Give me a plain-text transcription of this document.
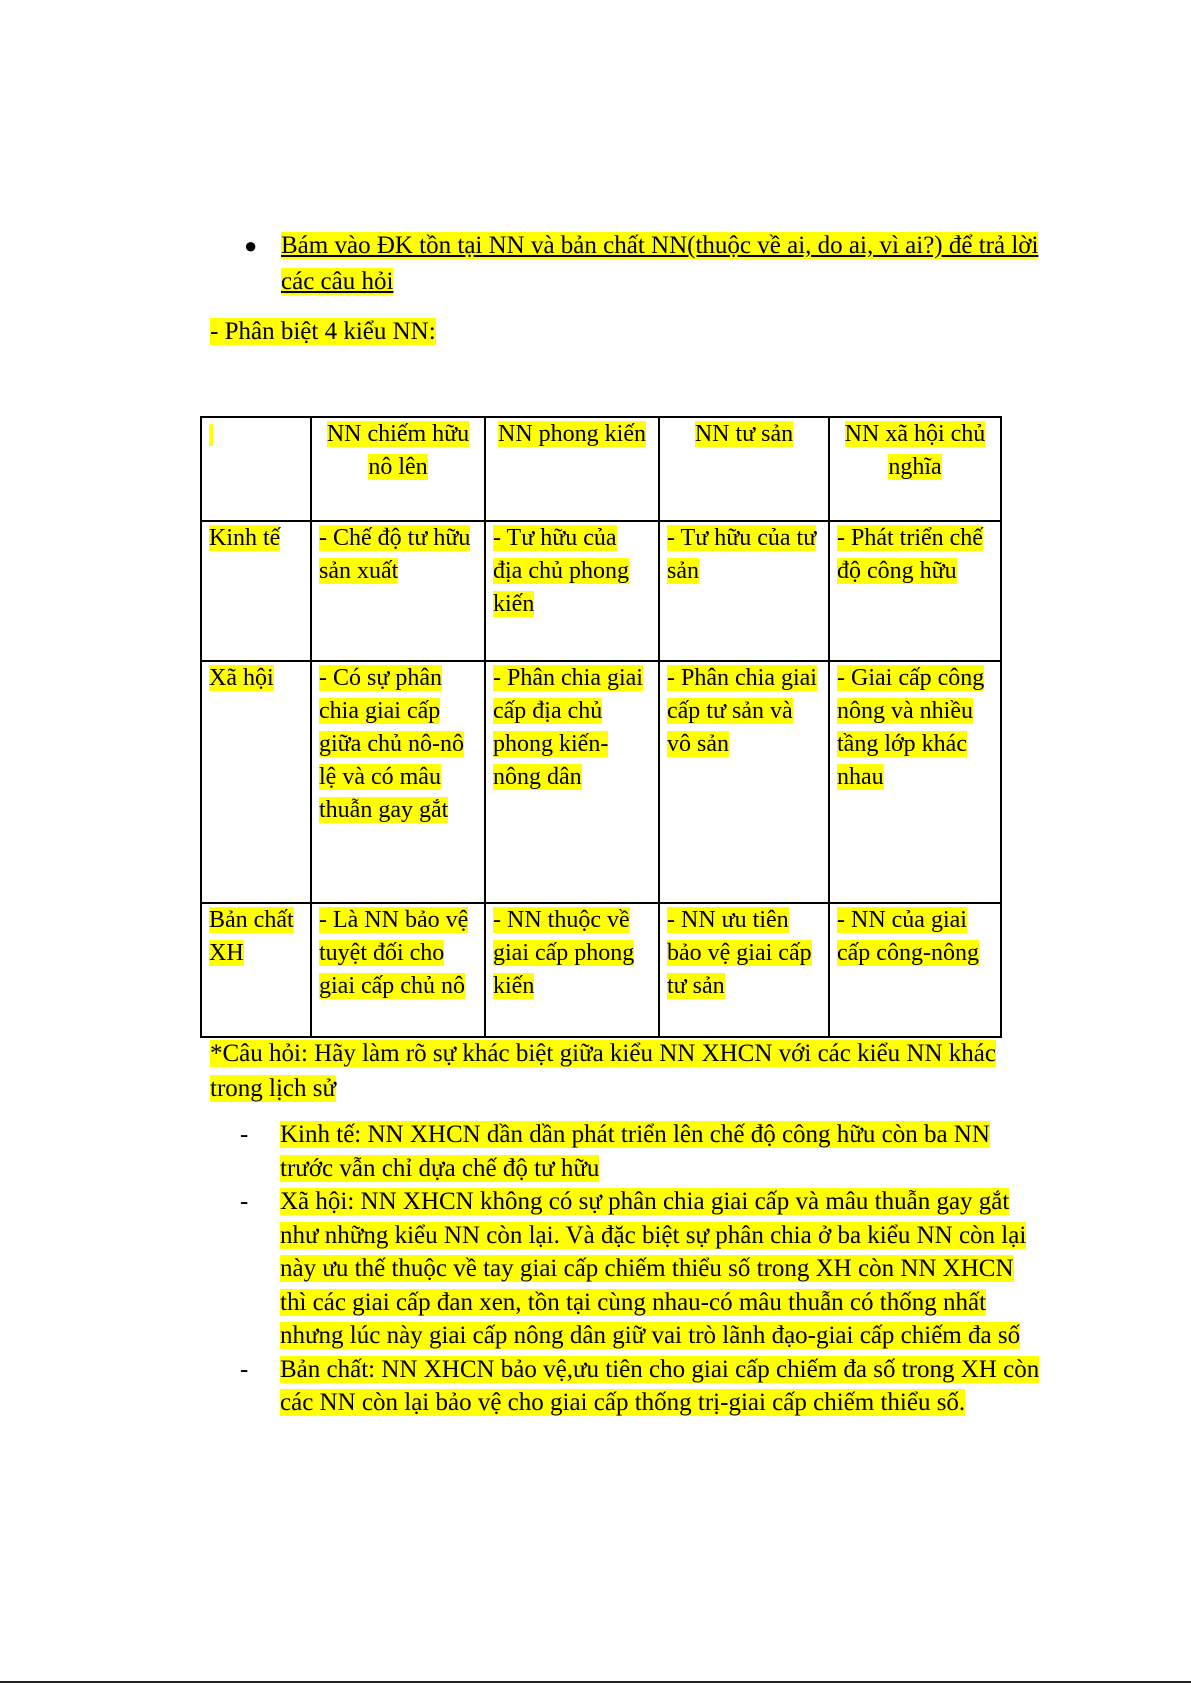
● Bám vào ĐK tồn tại NN và bản chất NN(thuộc về ai, do ai, vì ai?) để trả lời các câu hỏi
- Phân biệt 4 kiểu NN:
	NN chiếm hữu nô lên	NN phong kiến	NN tư sản	NN xã hội chủ nghĩa
Kinh tế	- Chế độ tư hữu sản xuất	- Tư hữu của địa chủ phong kiến	- Tư hữu của tư sản	- Phát triển chế độ công hữu
Xã hội	- Có sự phân chia giai cấp giữa chủ nô-nô lệ và có mâu thuẫn gay gắt	- Phân chia giai cấp địa chủ phong kiến-nông dân	- Phân chia giai cấp tư sản và vô sản	- Giai cấp công nông và nhiều tầng lớp khác nhau
Bản chất XH	- Là NN bảo vệ tuyệt đối cho giai cấp chủ nô	- NN thuộc về giai cấp phong kiến	- NN ưu tiên bảo vệ giai cấp tư sản	- NN của giai cấp công-nông
*Câu hỏi: Hãy làm rõ sự khác biệt giữa kiểu NN XHCN với các kiểu NN khác trong lịch sử
- Kinh tế: NN XHCN dần dần phát triển lên chế độ công hữu còn ba NN trước vẫn chỉ dựa chế độ tư hữu
- Xã hội: NN XHCN không có sự phân chia giai cấp và mâu thuẫn gay gắt như những kiểu NN còn lại. Và đặc biệt sự phân chia ở ba kiểu NN còn lại này ưu thế thuộc về tay giai cấp chiếm thiểu số trong XH còn NN XHCN thì các giai cấp đan xen, tồn tại cùng nhau-có mâu thuẫn có thống nhất nhưng lúc này giai cấp nông dân giữ vai trò lãnh đạo-giai cấp chiếm đa số
- Bản chất: NN XHCN bảo vệ,ưu tiên cho giai cấp chiếm đa số trong XH còn các NN còn lại bảo vệ cho giai cấp thống trị-giai cấp chiếm thiểu số.
